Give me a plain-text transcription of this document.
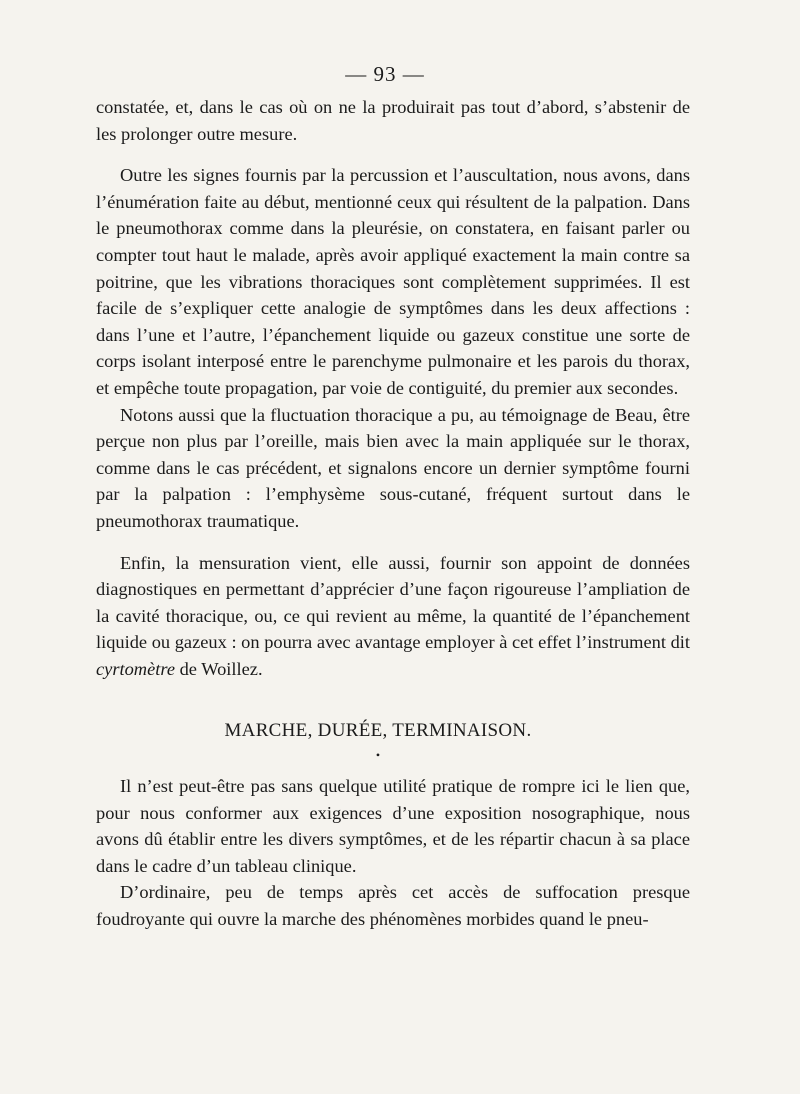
— 93 —

constatée, et, dans le cas où on ne la produirait pas tout d’abord, s’abstenir de les prolonger outre mesure.

Outre les signes fournis par la percussion et l’auscultation, nous avons, dans l’énumération faite au début, mentionné ceux qui résultent de la palpation. Dans le pneumothorax comme dans la pleurésie, on constatera, en faisant parler ou compter tout haut le malade, après avoir appliqué exactement la main contre sa poitrine, que les vibrations thoraciques sont complètement supprimées. Il est facile de s’expliquer cette analogie de symptômes dans les deux affections : dans l’une et l’autre, l’épanchement liquide ou gazeux constitue une sorte de corps isolant interposé entre le parenchyme pulmonaire et les parois du thorax, et empêche toute propagation, par voie de contiguité, du premier aux secondes.

Notons aussi que la fluctuation thoracique a pu, au témoignage de Beau, être perçue non plus par l’oreille, mais bien avec la main appliquée sur le thorax, comme dans le cas précédent, et signalons encore un dernier symptôme fourni par la palpation : l’emphysème sous-cutané, fréquent surtout dans le pneumothorax traumatique.

Enfin, la mensuration vient, elle aussi, fournir son appoint de données diagnostiques en permettant d’apprécier d’une façon rigoureuse l’ampliation de la cavité thoracique, ou, ce qui revient au même, la quantité de l’épanchement liquide ou gazeux : on pourra avec avantage employer à cet effet l’instrument dit cyrtomètre de Woillez.

MARCHE, DURÉE, TERMINAISON.

•

Il n’est peut-être pas sans quelque utilité pratique de rompre ici le lien que, pour nous conformer aux exigences d’une exposition nosographique, nous avons dû établir entre les divers symptômes, et de les répartir chacun à sa place dans le cadre d’un tableau clinique.

D’ordinaire, peu de temps après cet accès de suffocation presque foudroyante qui ouvre la marche des phénomènes morbides quand le pneu-
